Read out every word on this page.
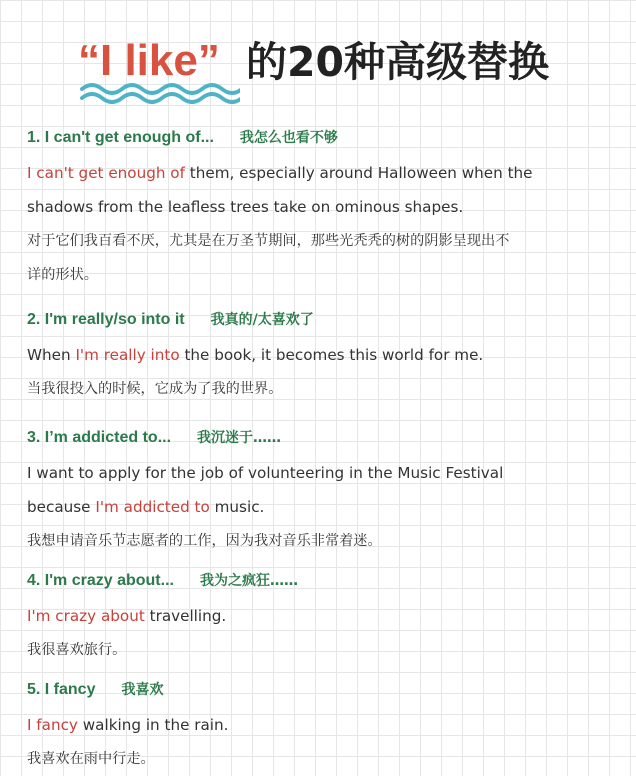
“I like” 的20种高级替换
1. I can't get enough of... 我怎么也看不够
I can't get enough of them, especially around Halloween when the
shadows from the leafless trees take on ominous shapes.
对于它们我百看不厌，尤其是在万圣节期间，那些光秃秃的树的阴影呈现出不
详的形状。
2. I'm really/so into it 我真的/太喜欢了
When I'm really into the book, it becomes this world for me.
当我很投入的时候，它成为了我的世界。
3. I’m addicted to... 我沉迷于……
I want to apply for the job of volunteering in the Music Festival
because I'm addicted to music.
我想申请音乐节志愿者的工作，因为我对音乐非常着迷。
4. I'm crazy about... 我为之疯狂……
I'm crazy about travelling.
我很喜欢旅行。
5. I fancy 我喜欢
I fancy walking in the rain.
我喜欢在雨中行走。
